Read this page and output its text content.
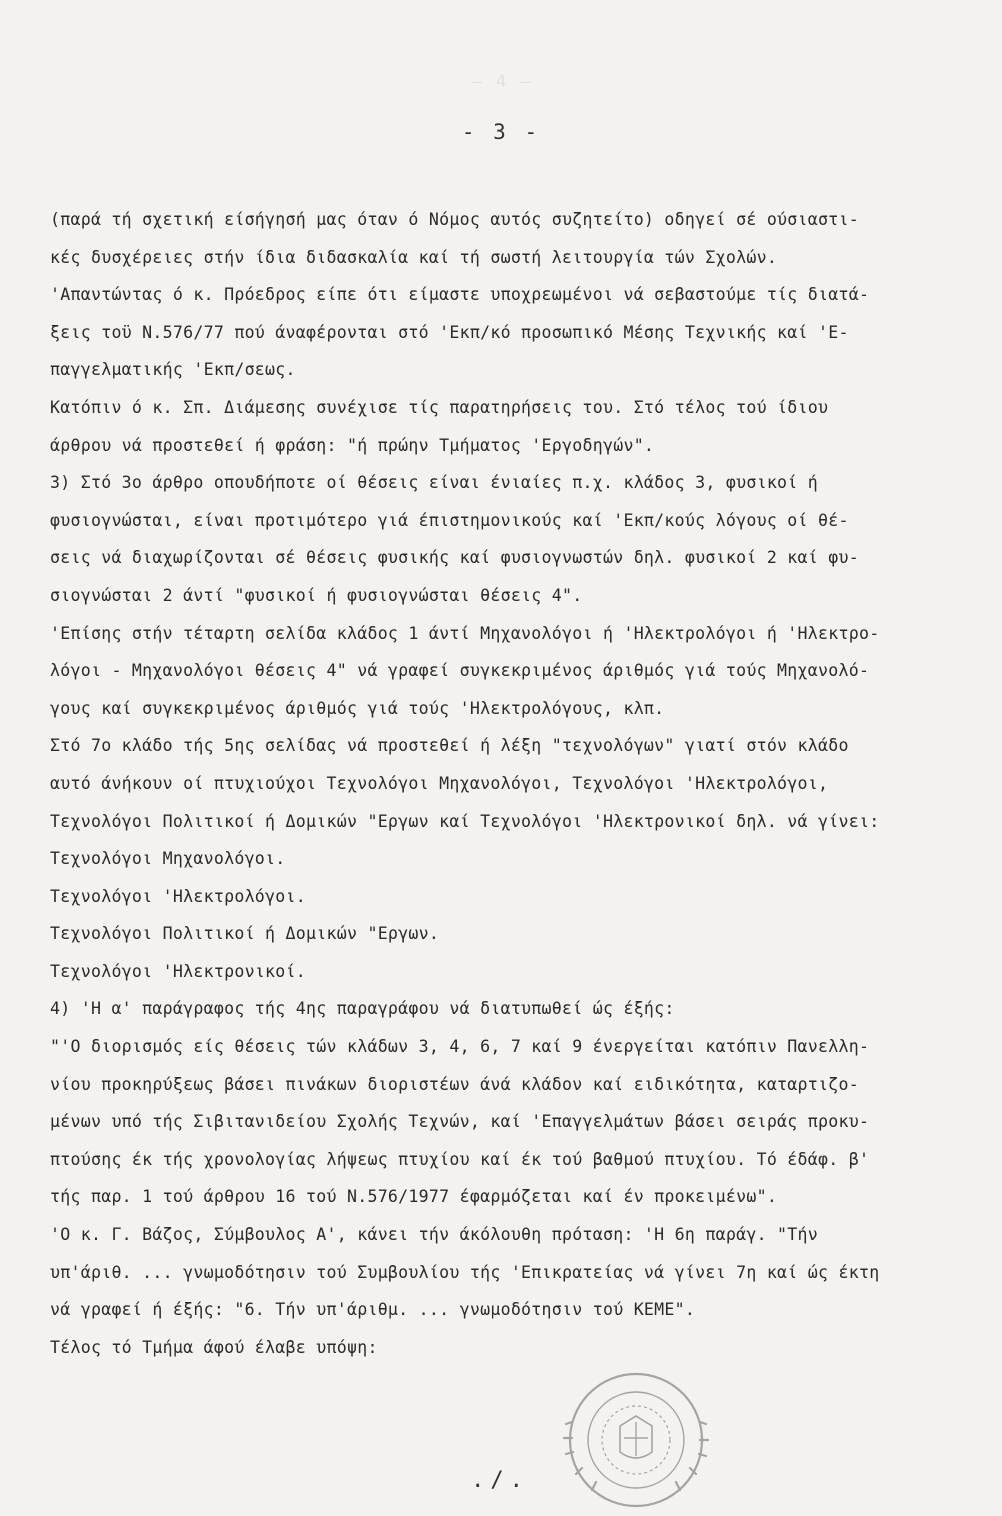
— 4 —
- 3 -
(παρά τή σχετική είσήγησή μας όταν ό Νόμος αυτός συζητείτο) οδηγεί σέ ούσιαστι-
κές δυσχέρειες στήν ίδια διδασκαλία καί τή σωστή λειτουργία τών Σχολών.
'Απαντώντας ό κ. Πρόεδρος είπε ότι είμαστε υποχρεωμένοι νά σεβαστούμε τίς διατά-
ξεις τοϋ Ν.576/77 πού άναφέρονται στό 'Εκπ/κό προσωπικό Μέσης Τεχνικής καί 'Ε-
παγγελματικής 'Εκπ/σεως.
Κατόπιν ό κ. Σπ. Διάμεσης συνέχισε τίς παρατηρήσεις του. Στό τέλος τού ίδιου
άρθρου νά προστεθεί ή φράση: "ή πρώην Τμήματος 'Εργοδηγών".
3) Στό 3ο άρθρο οπουδήποτε οί θέσεις είναι ένιαίες π.χ. κλάδος 3, φυσικοί ή
φυσιογνώσται, είναι προτιμότερο γιά έπιστημονικούς καί 'Εκπ/κούς λόγους οί θέ-
σεις νά διαχωρίζονται σέ θέσεις φυσικής καί φυσιογνωστών δηλ. φυσικοί 2 καί φυ-
σιογνώσται 2 άντί "φυσικοί ή φυσιογνώσται θέσεις 4".
'Επίσης στήν τέταρτη σελίδα κλάδος 1 άντί Μηχανολόγοι ή 'Ηλεκτρολόγοι ή 'Ηλεκτρο-
λόγοι - Μηχανολόγοι θέσεις 4" νά γραφεί συγκεκριμένος άριθμός γιά τούς Μηχανολό-
γους καί συγκεκριμένος άριθμός γιά τούς 'Ηλεκτρολόγους, κλπ.
Στό 7ο κλάδο τής 5ης σελίδας νά προστεθεί ή λέξη "τεχνολόγων" γιατί στόν κλάδο
αυτό άνήκουν οί πτυχιούχοι Τεχνολόγοι Μηχανολόγοι, Τεχνολόγοι 'Ηλεκτρολόγοι,
Τεχνολόγοι Πολιτικοί ή Δομικών "Εργων καί Τεχνολόγοι 'Ηλεκτρονικοί δηλ. νά γίνει:
Τεχνολόγοι Μηχανολόγοι.
Τεχνολόγοι 'Ηλεκτρολόγοι.
Τεχνολόγοι Πολιτικοί ή Δομικών "Εργων.
Τεχνολόγοι 'Ηλεκτρονικοί.
4) 'Η α' παράγραφος τής 4ης παραγράφου νά διατυπωθεί ώς έξής:
"'Ο διορισμός είς θέσεις τών κλάδων 3, 4, 6, 7 καί 9 ένεργείται κατόπιν Πανελλη-
νίου προκηρύξεως βάσει πινάκων διοριστέων άνά κλάδον καί ειδικότητα, καταρτιζο-
μένων υπό τής Σιβιτανιδείου Σχολής Τεχνών, καί 'Επαγγελμάτων βάσει σειράς προκυ-
πτούσης έκ τής χρονολογίας λήψεως πτυχίου καί έκ τού βαθμού πτυχίου. Τό έδάφ. β'
τής παρ. 1 τού άρθρου 16 τού Ν.576/1977 έφαρμόζεται καί έν προκειμένω".
'Ο κ. Γ. Βάζος, Σύμβουλος Α', κάνει τήν άκόλουθη πρόταση: 'Η 6η παράγ. "Τήν
υπ'άριθ. ... γνωμοδότησιν τού Συμβουλίου τής 'Επικρατείας νά γίνει 7η καί ώς έκτη
νά γραφεί ή έξής: "6. Τήν υπ'άριθμ. ... γνωμοδότησιν τού ΚΕΜΕ".
Τέλος τό Τμήμα άφού έλαβε υπόψη:
./.
